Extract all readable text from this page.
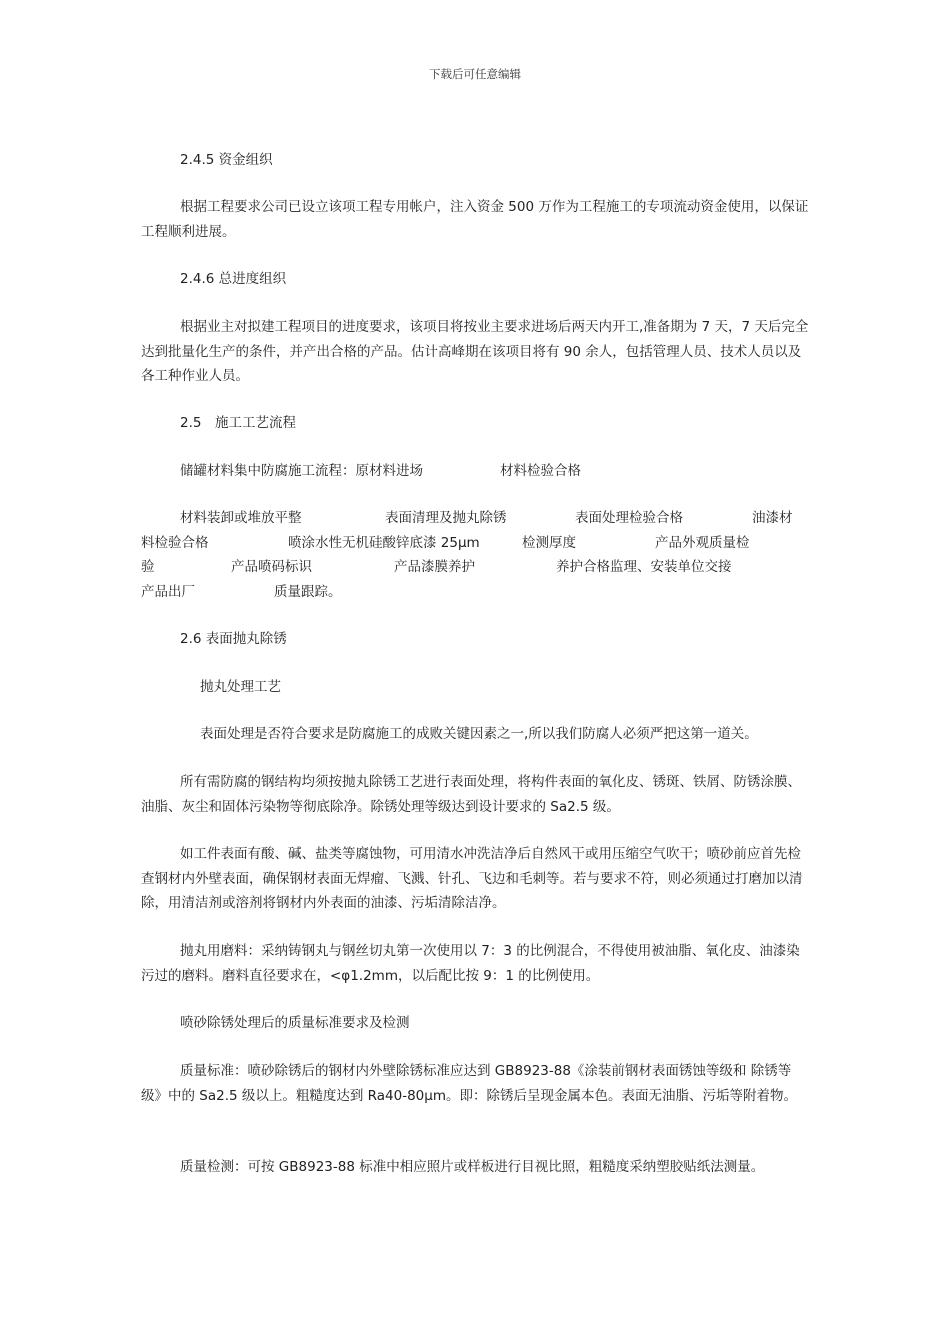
下载后可任意编辑

2.4.5 资金组织

根据工程要求公司已设立该项工程专用帐户，注入资金 500 万作为工程施工的专项流动资金使用，以保证工程顺利进展。

2.4.6 总进度组织

根据业主对拟建工程项目的进度要求，该项目将按业主要求进场后两天内开工,准备期为 7 天，7 天后完全达到批量化生产的条件，并产出合格的产品。估计高峰期在该项目将有 90 余人，包括管理人员、技术人员以及各工种作业人员。

2.5　施工工艺流程

储罐材料集中防腐施工流程：原材料进场	材料检验合格
材料装卸或堆放平整	表面清理及抛丸除锈	表面处理检验合格	油漆材
料检验合格	喷涂水性无机硅酸锌底漆 25μm	检测厚度	产品外观质量检
验	产品喷码标识	产品漆膜养护	养护合格监理、安装单位交接
产品出厂	质量跟踪。

2.6 表面抛丸除锈

抛丸处理工艺

表面处理是否符合要求是防腐施工的成败关键因素之一,所以我们防腐人必须严把这第一道关。

所有需防腐的钢结构均须按抛丸除锈工艺进行表面处理，将构件表面的氧化皮、锈斑、铁屑、防锈涂膜、油脂、灰尘和固体污染物等彻底除净。除锈处理等级达到设计要求的 Sa2.5 级。

如工件表面有酸、碱、盐类等腐蚀物，可用清水冲洗洁净后自然风干或用压缩空气吹干；喷砂前应首先检查钢材内外壁表面，确保钢材表面无焊瘤、飞溅、针孔、飞边和毛刺等。若与要求不符，则必须通过打磨加以清除，用清洁剂或溶剂将钢材内外表面的油漆、污垢清除洁净。

抛丸用磨料：采纳铸钢丸与钢丝切丸第一次使用以 7：3 的比例混合，不得使用被油脂、氧化皮、油漆染污过的磨料。磨料直径要求在，<φ1.2mm，以后配比按 9：1 的比例使用。

喷砂除锈处理后的质量标准要求及检测

质量标准：喷砂除锈后的钢材内外壁除锈标准应达到 GB8923-88《涂装前钢材表面锈蚀等级和 除锈等级》中的 Sa2.5 级以上。粗糙度达到 Ra40-80μm。即：除锈后呈现金属本色。表面无油脂、污垢等附着物。

质量检测：可按 GB8923-88 标准中相应照片或样板进行目视比照，粗糙度采纳塑胶贴纸法测量。
